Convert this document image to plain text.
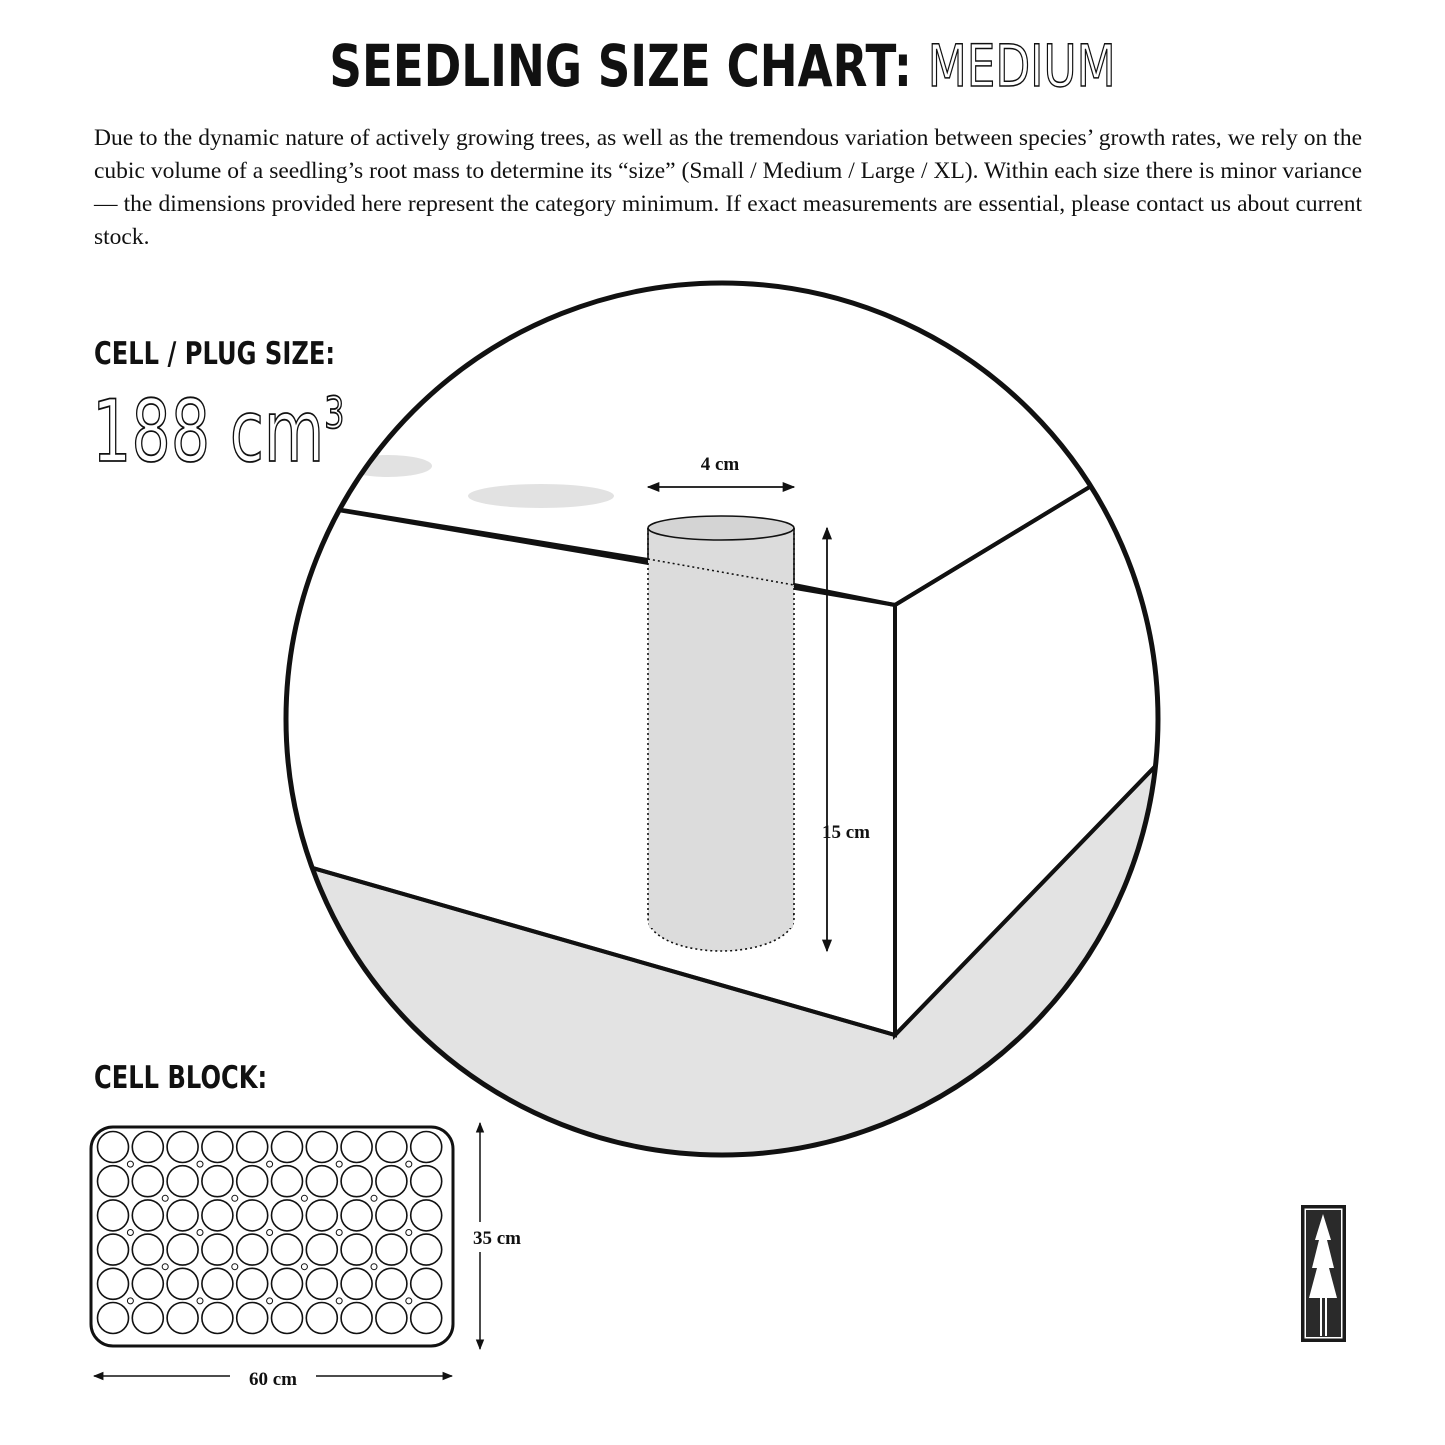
SEEDLING SIZE CHART: MEDIUM

Due to the dynamic nature of actively growing trees, as well as the tremendous variation between species’ growth rates, we rely on the cubic volume of a seedling’s root mass to determine its “size” (Small / Medium / Large / XL). Within each size there is minor variance — the dimensions provided here represent the category minimum. If exact measurements are essential, please contact us about current stock.

CELL / PLUG SIZE:
188 $cm^3$
4 cm
15 cm
CELL BLOCK:
35 cm
60 cm
